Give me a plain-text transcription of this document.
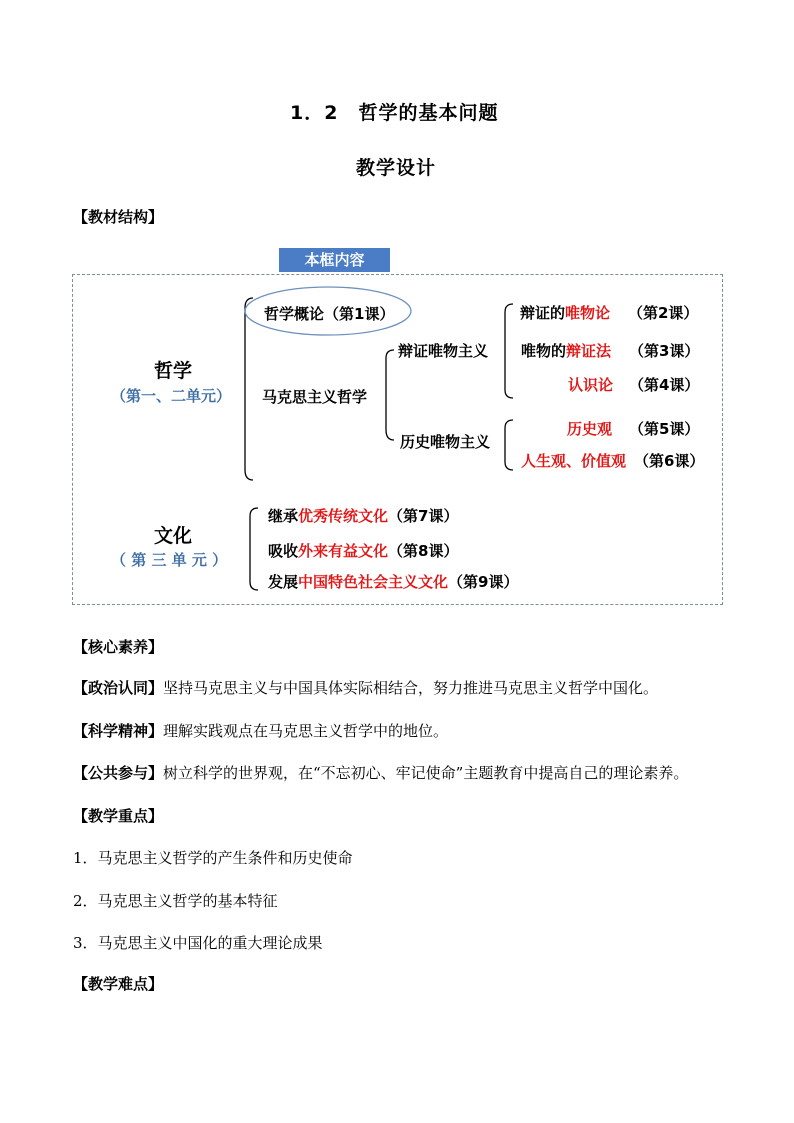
1．2　哲学的基本问题
教学设计
【教材结构】
本框内容
哲学
（第一、二单元）
哲学概论（第1课）
马克思主义哲学
辩证唯物主义
历史唯物主义
辩证的唯物论 （第2课）
唯物的辩证法 （第3课）
认识论 （第4课）
历史观 （第5课）
人生观、价值观 （第6课）
文化
（ 第 三 单 元 ）
继承优秀传统文化（第7课）
吸收外来有益文化（第8课）
发展中国特色社会主义文化（第9课）
【核心素养】
【政治认同】坚持马克思主义与中国具体实际相结合，努力推进马克思主义哲学中国化。
【科学精神】理解实践观点在马克思主义哲学中的地位。
【公共参与】树立科学的世界观，在“不忘初心、牢记使命”主题教育中提高自己的理论素养。
【教学重点】
1．马克思主义哲学的产生条件和历史使命
2．马克思主义哲学的基本特征
3．马克思主义中国化的重大理论成果
【教学难点】
